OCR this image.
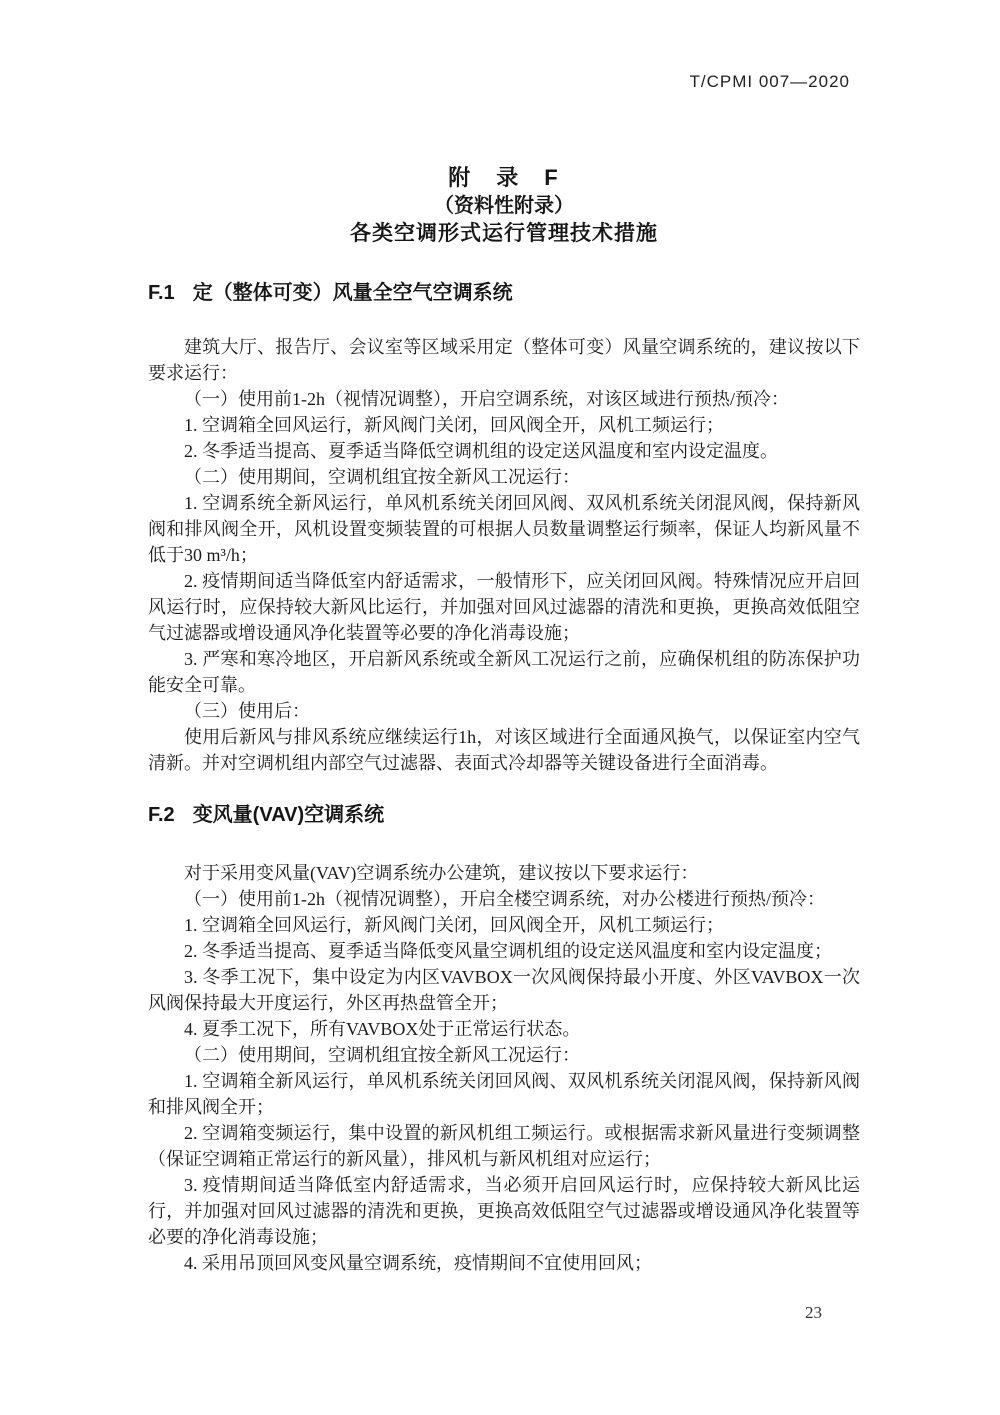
T/CPMI 007—2020
附　录　F
（资料性附录）
各类空调形式运行管理技术措施
F.1 定（整体可变）风量全空气空调系统

建筑大厅、报告厅、会议室等区域采用定（整体可变）风量空调系统的，建议按以下要求运行：

（一）使用前1-2h（视情况调整），开启空调系统，对该区域进行预热/预冷：

1. 空调箱全回风运行，新风阀门关闭，回风阀全开，风机工频运行；

2. 冬季适当提高、夏季适当降低空调机组的设定送风温度和室内设定温度。

（二）使用期间，空调机组宜按全新风工况运行：

1. 空调系统全新风运行，单风机系统关闭回风阀、双风机系统关闭混风阀，保持新风阀和排风阀全开，风机设置变频装置的可根据人员数量调整运行频率，保证人均新风量不低于30 m³/h；

2. 疫情期间适当降低室内舒适需求，一般情形下，应关闭回风阀。特殊情况应开启回风运行时，应保持较大新风比运行，并加强对回风过滤器的清洗和更换，更换高效低阻空气过滤器或增设通风净化装置等必要的净化消毒设施；

3. 严寒和寒冷地区，开启新风系统或全新风工况运行之前，应确保机组的防冻保护功能安全可靠。

（三）使用后：

使用后新风与排风系统应继续运行1h，对该区域进行全面通风换气，以保证室内空气清新。并对空调机组内部空气过滤器、表面式冷却器等关键设备进行全面消毒。

F.2 变风量(VAV)空调系统

对于采用变风量(VAV)空调系统办公建筑，建议按以下要求运行：

（一）使用前1-2h（视情况调整），开启全楼空调系统，对办公楼进行预热/预冷：

1. 空调箱全回风运行，新风阀门关闭，回风阀全开，风机工频运行；

2. 冬季适当提高、夏季适当降低变风量空调机组的设定送风温度和室内设定温度；

3. 冬季工况下，集中设定为内区VAVBOX一次风阀保持最小开度、外区VAVBOX一次风阀保持最大开度运行，外区再热盘管全开；

4. 夏季工况下，所有VAVBOX处于正常运行状态。

（二）使用期间，空调机组宜按全新风工况运行：

1. 空调箱全新风运行，单风机系统关闭回风阀、双风机系统关闭混风阀，保持新风阀和排风阀全开；

2. 空调箱变频运行，集中设置的新风机组工频运行。或根据需求新风量进行变频调整（保证空调箱正常运行的新风量），排风机与新风机组对应运行；

3. 疫情期间适当降低室内舒适需求，当必须开启回风运行时，应保持较大新风比运行，并加强对回风过滤器的清洗和更换，更换高效低阻空气过滤器或增设通风净化装置等必要的净化消毒设施；

4. 采用吊顶回风变风量空调系统，疫情期间不宜使用回风；

23
